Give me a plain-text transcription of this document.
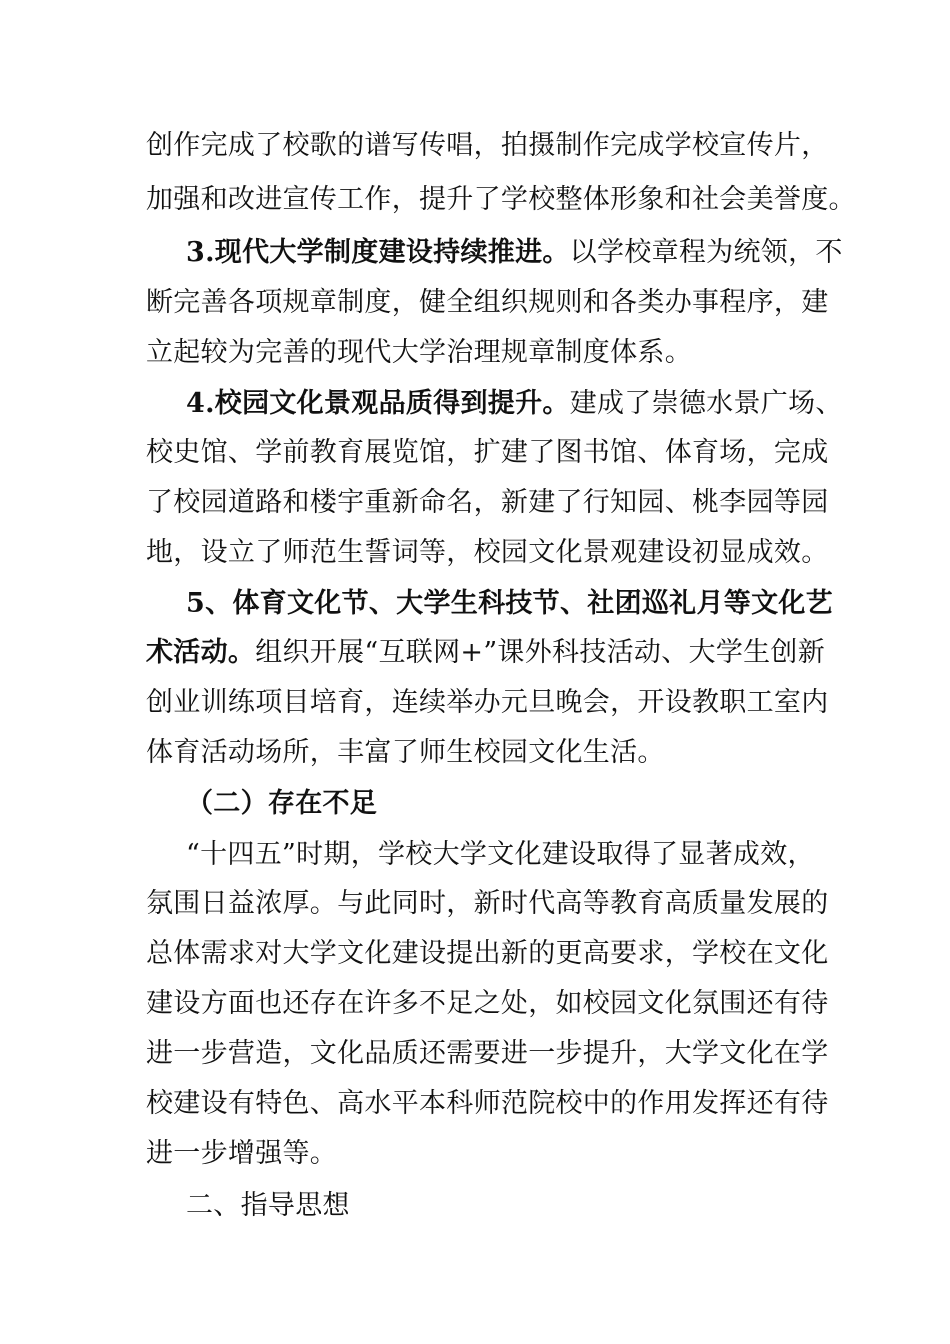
创作完成了校歌的谱写传唱，拍摄制作完成学校宣传片，
加强和改进宣传工作，提升了学校整体形象和社会美誉度。
3.现代大学制度建设持续推进。以学校章程为统领，不
断完善各项规章制度，健全组织规则和各类办事程序，建
立起较为完善的现代大学治理规章制度体系。
4.校园文化景观品质得到提升。建成了崇德水景广场、
校史馆、学前教育展览馆，扩建了图书馆、体育场，完成
了校园道路和楼宇重新命名，新建了行知园、桃李园等园
地，设立了师范生誓词等，校园文化景观建设初显成效。
5、体育文化节、大学生科技节、社团巡礼月等文化艺
术活动。组织开展“互联网+”课外科技活动、大学生创新
创业训练项目培育，连续举办元旦晚会，开设教职工室内
体育活动场所，丰富了师生校园文化生活。
（二）存在不足
“十四五”时期，学校大学文化建设取得了显著成效，
氛围日益浓厚。与此同时，新时代高等教育高质量发展的
总体需求对大学文化建设提出新的更高要求，学校在文化
建设方面也还存在许多不足之处，如校园文化氛围还有待
进一步营造，文化品质还需要进一步提升，大学文化在学
校建设有特色、高水平本科师范院校中的作用发挥还有待
进一步增强等。
二、指导思想
